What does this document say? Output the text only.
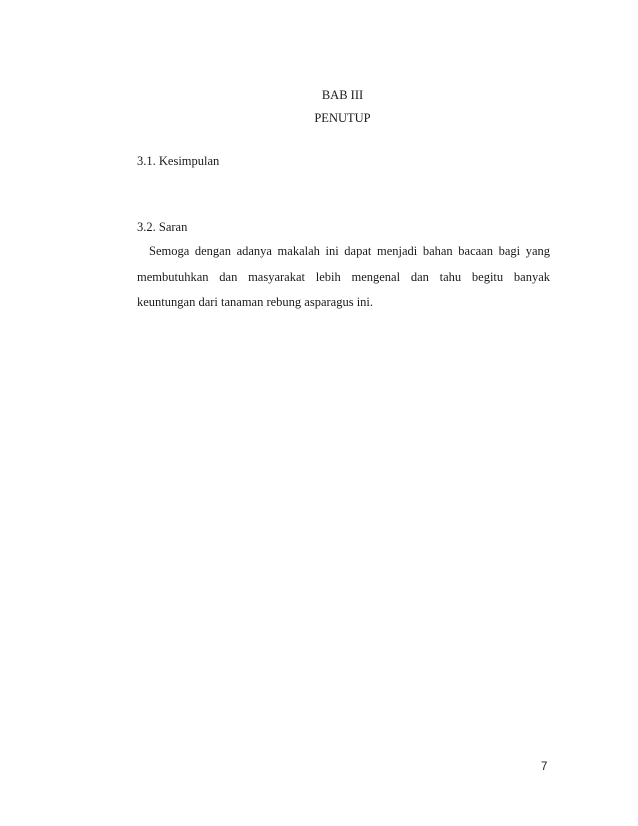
BAB III
PENUTUP
3.1. Kesimpulan
3.2. Saran

Semoga dengan adanya makalah ini dapat menjadi bahan bacaan bagi yang membutuhkan dan masyarakat lebih mengenal dan tahu begitu banyak keuntungan dari tanaman rebung asparagus ini.

7
